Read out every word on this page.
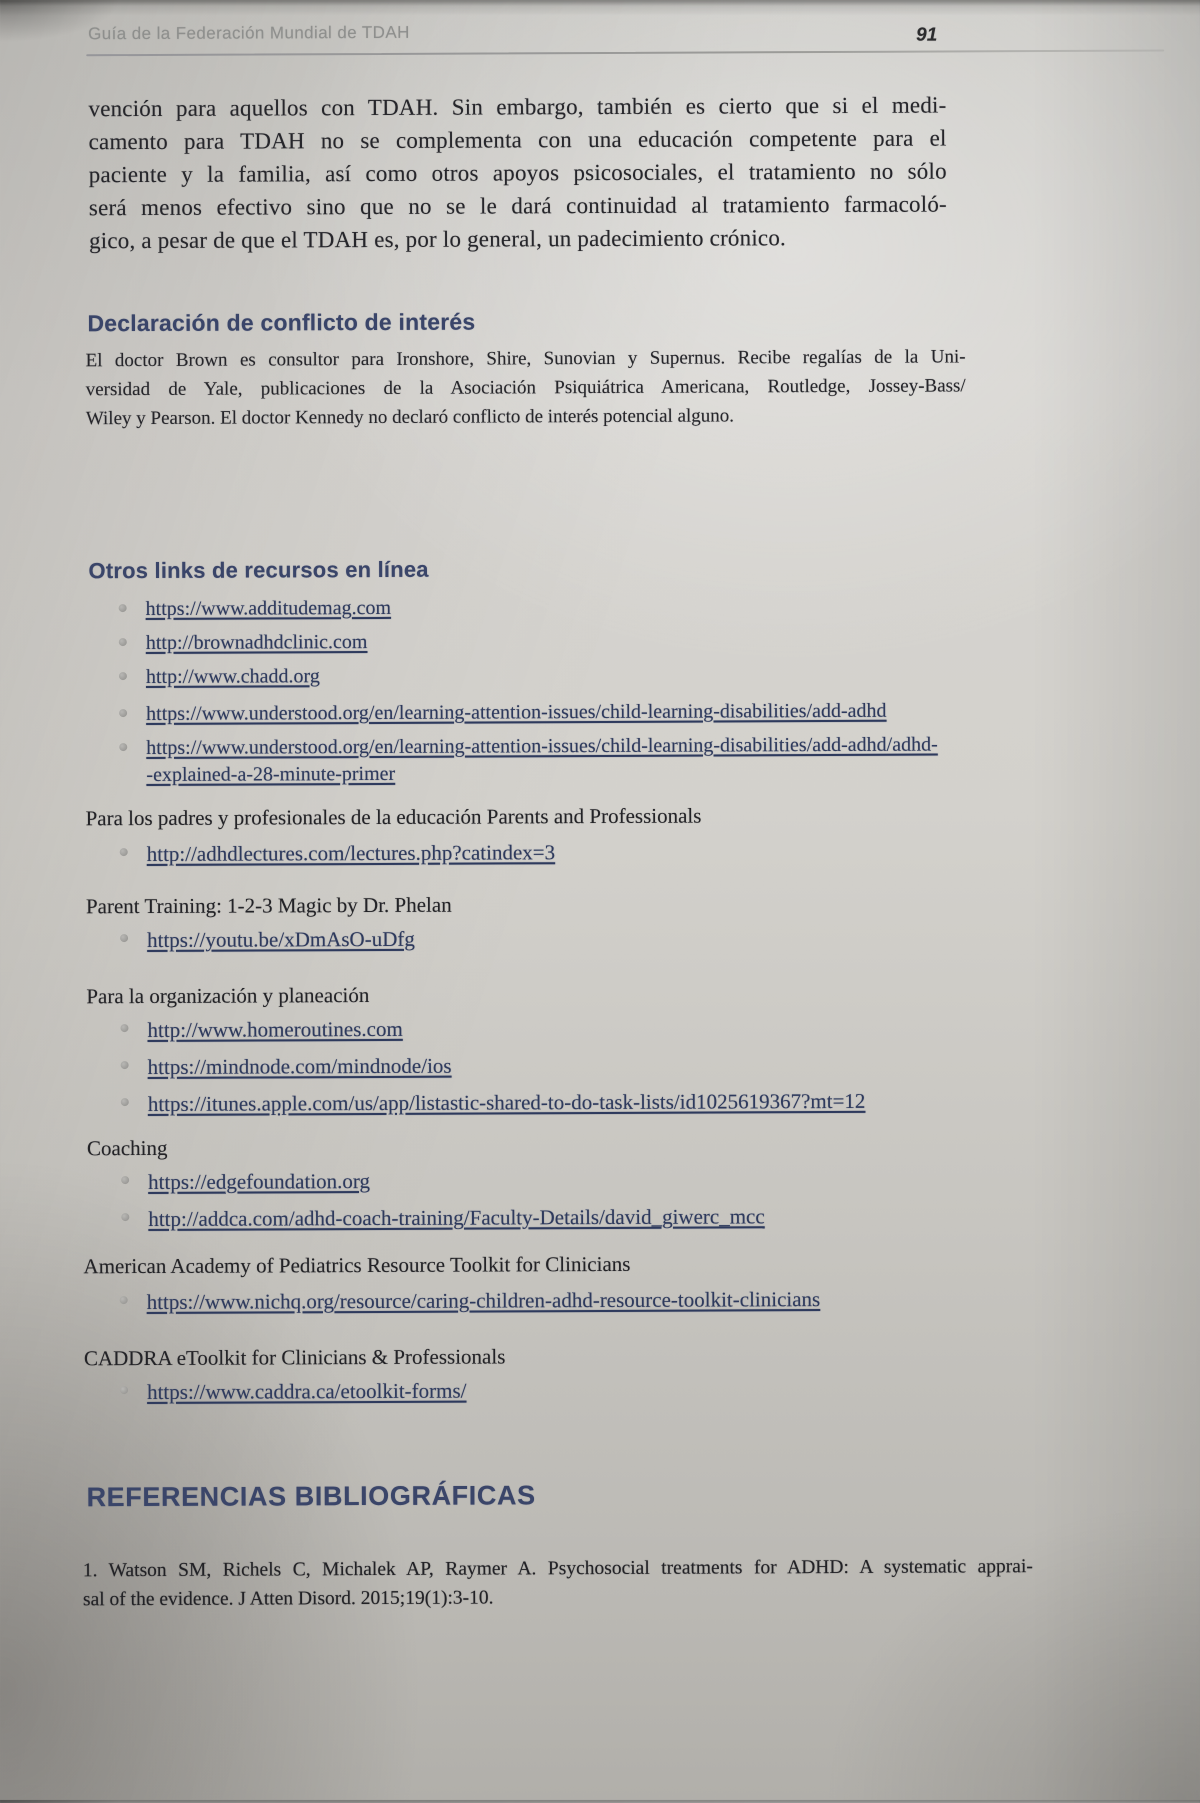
Guía de la Federación Mundial de TDAH	91
vención para aquellos con TDAH. Sin embargo, también es cierto que si el medi-
camento para TDAH no se complementa con una educación competente para el
paciente y la familia, así como otros apoyos psicosociales, el tratamiento no sólo
será menos efectivo sino que no se le dará continuidad al tratamiento farmacoló-
gico, a pesar de que el TDAH es, por lo general, un padecimiento crónico.
Declaración de conflicto de interés
El doctor Brown es consultor para Ironshore, Shire, Sunovian y Supernus. Recibe regalías de la Uni-
versidad de Yale, publicaciones de la Asociación Psiquiátrica Americana, Routledge, Jossey-Bass/
Wiley y Pearson. El doctor Kennedy no declaró conflicto de interés potencial alguno.
Otros links de recursos en línea
https://www.additudemag.com
http://brownadhdclinic.com
http://www.chadd.org
https://www.understood.org/en/learning-attention-issues/child-learning-disabilities/add-adhd
https://www.understood.org/en/learning-attention-issues/child-learning-disabilities/add-adhd/adhd-
-explained-a-28-minute-primer
Para los padres y profesionales de la educación Parents and Professionals
http://adhdlectures.com/lectures.php?catindex=3
Parent Training: 1-2-3 Magic by Dr. Phelan
https://youtu.be/xDmAsO-uDfg
Para la organización y planeación
http://www.homeroutines.com
https://mindnode.com/mindnode/ios
https://itunes.apple.com/us/app/listastic-shared-to-do-task-lists/id1025619367?mt=12
Coaching
https://edgefoundation.org
http://addca.com/adhd-coach-training/Faculty-Details/david_giwerc_mcc
American Academy of Pediatrics Resource Toolkit for Clinicians
https://www.nichq.org/resource/caring-children-adhd-resource-toolkit-clinicians
CADDRA eToolkit for Clinicians & Professionals
https://www.caddra.ca/etoolkit-forms/
REFERENCIAS BIBLIOGRÁFICAS
1. Watson SM, Richels C, Michalek AP, Raymer A. Psychosocial treatments for ADHD: A systematic apprai-
sal of the evidence. J Atten Disord. 2015;19(1):3-10.
